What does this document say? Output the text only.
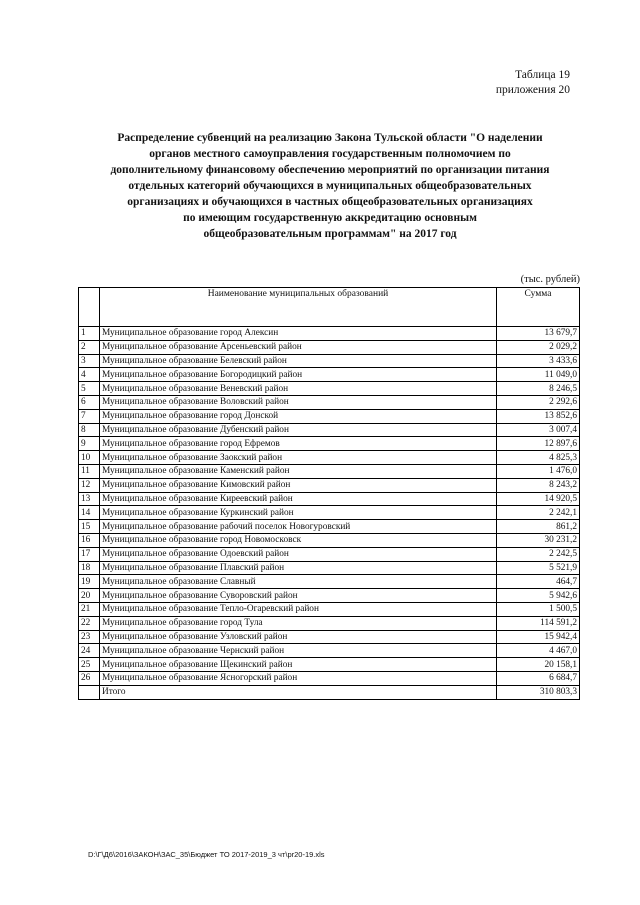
Таблица 19
приложения 20
Распределение субвенций на реализацию Закона Тульской области "О наделении
органов местного самоуправления государственным полномочием по
дополнительному финансовому обеспечению мероприятий по организации питания
отдельных категорий обучающихся в муниципальных общеобразовательных
организациях и обучающихся в частных общеобразовательных организациях
по имеющим государственную аккредитацию основным
общеобразовательным программам" на 2017 год
(тыс. рублей)
	Наименование муниципальных образований	Сумма
1	Муниципальное образование город Алексин	13 679,7
2	Муниципальное образование Арсеньевский район	2 029,2
3	Муниципальное образование Белевский район	3 433,6
4	Муниципальное образование Богородицкий район	11 049,0
5	Муниципальное образование Веневский район	8 246,5
6	Муниципальное образование Воловский район	2 292,6
7	Муниципальное образование город Донской	13 852,6
8	Муниципальное образование Дубенский район	3 007,4
9	Муниципальное образование город Ефремов	12 897,6
10	Муниципальное образование Заокский район	4 825,3
11	Муниципальное образование Каменский район	1 476,0
12	Муниципальное образование Кимовский район	8 243,2
13	Муниципальное образование Киреевский район	14 920,5
14	Муниципальное образование Куркинский район	2 242,1
15	Муниципальное образование рабочий поселок Новогуровский	861,2
16	Муниципальное образование город Новомосковск	30 231,2
17	Муниципальное образование Одоевский район	2 242,5
18	Муниципальное образование Плавский район	5 521,9
19	Муниципальное образование Славный	464,7
20	Муниципальное образование Суворовский район	5 942,6
21	Муниципальное образование Тепло-Огаревский район	1 500,5
22	Муниципальное образование город Тула	114 591,2
23	Муниципальное образование Узловский район	15 942,4
24	Муниципальное образование Чернский район	4 467,0
25	Муниципальное образование Щекинский район	20 158,1
26	Муниципальное образование Ясногорский район	6 684,7
	Итого	310 803,3
D:\Г\Д6\2016\ЗАКОН\ЗАС_35\Бюджет ТО 2017-2019_3 чт\pr20-19.xls
